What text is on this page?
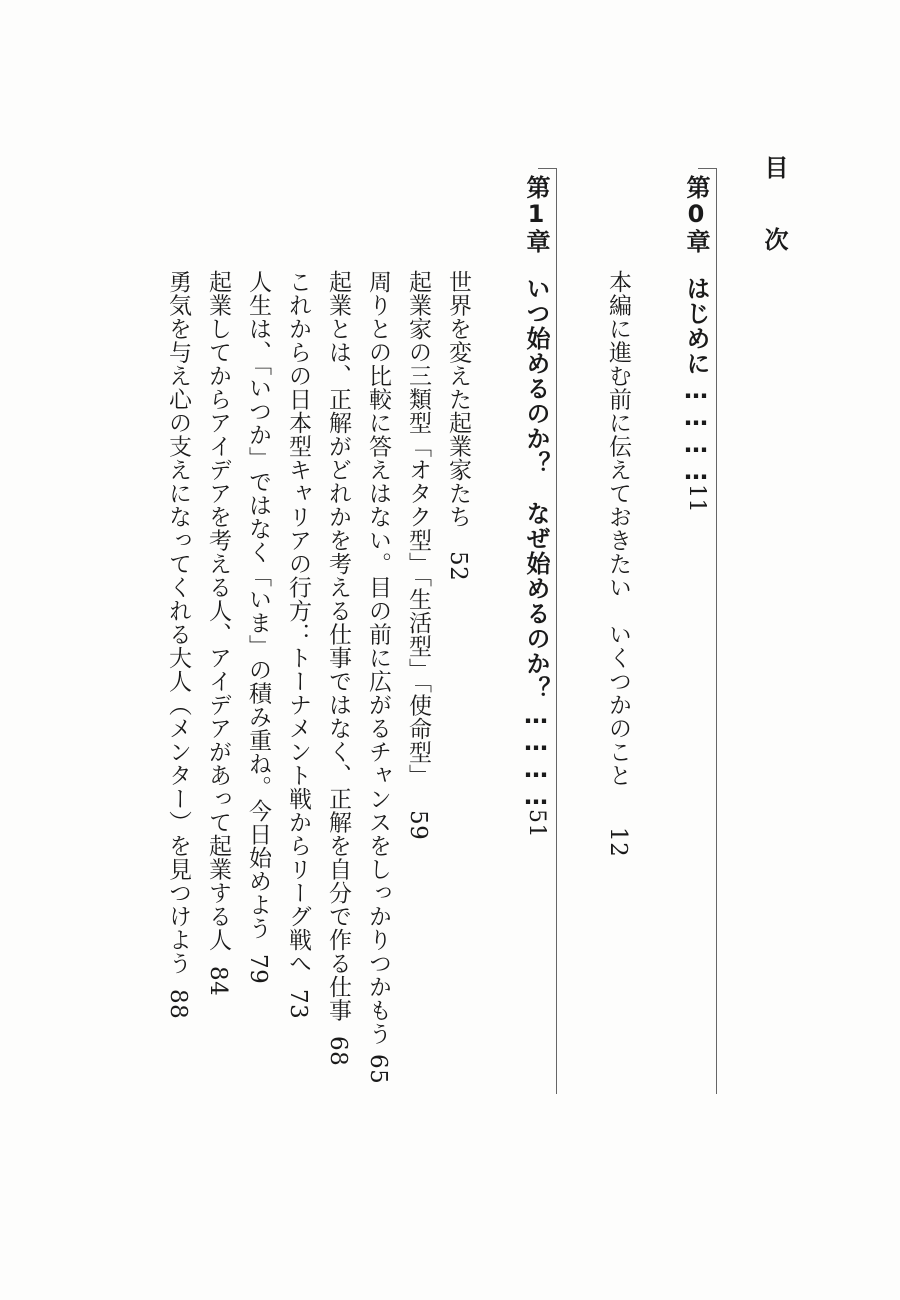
目　次
第0章はじめに…………11
本編に進む前に伝えておきたい　いくつかのこと12
第1章いつ始めるのか？　なぜ始めるのか？…………51
世界を変えた起業家たち52
起業家の三類型「オタク型」「生活型」「使命型」59
周りとの比較に答えはない。目の前に広がるチャンスをしっかりつかもう65
起業とは、正解がどれかを考える仕事ではなく、正解を自分で作る仕事68
これからの日本型キャリアの行方：トーナメント戦からリーグ戦へ73
人生は、「いつか」ではなく「いま」の積み重ね。今日始めよう79
起業してからアイデアを考える人、アイデアがあって起業する人84
勇気を与え心の支えになってくれる大人（メンター）を見つけよう88
